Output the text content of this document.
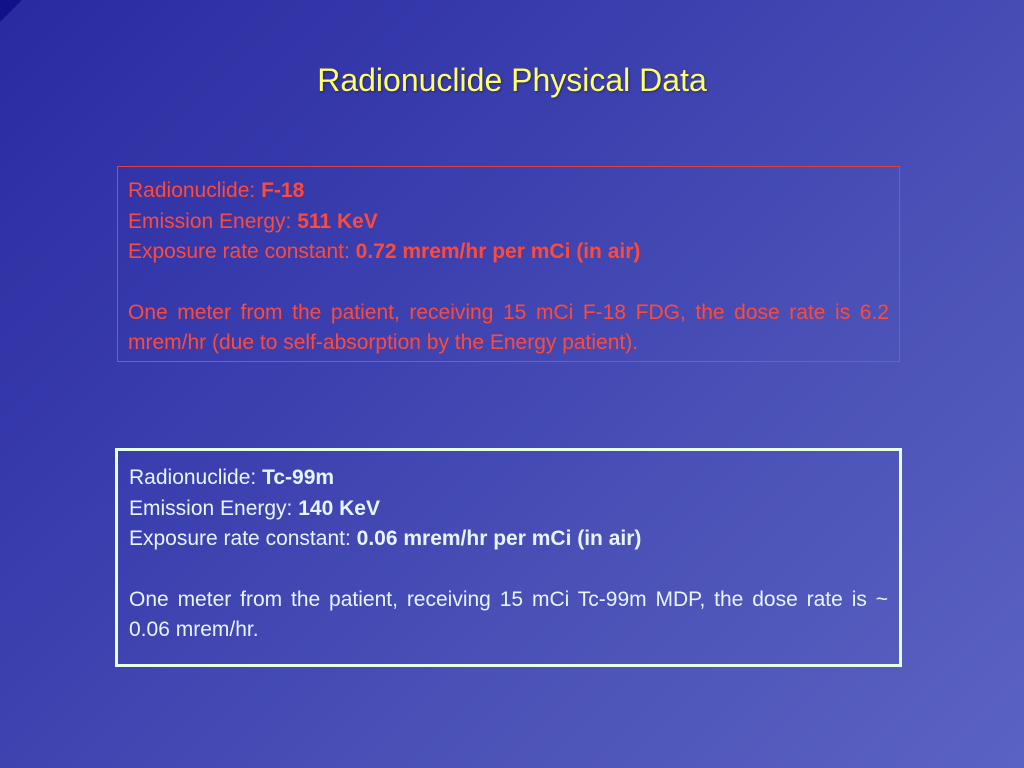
Radionuclide Physical Data
Radionuclide: F-18
Emission Energy: 511 KeV
Exposure rate constant: 0.72 mrem/hr per mCi (in air)
One meter from the patient, receiving 15 mCi F-18 FDG, the dose rate is 6.2 mrem/hr (due to self-absorption by the Energy patient).
Radionuclide: Tc-99m
Emission Energy: 140 KeV
Exposure rate constant: 0.06 mrem/hr per mCi (in air)
One meter from the patient, receiving 15 mCi Tc-99m MDP, the dose rate is ~ 0.06 mrem/hr.
